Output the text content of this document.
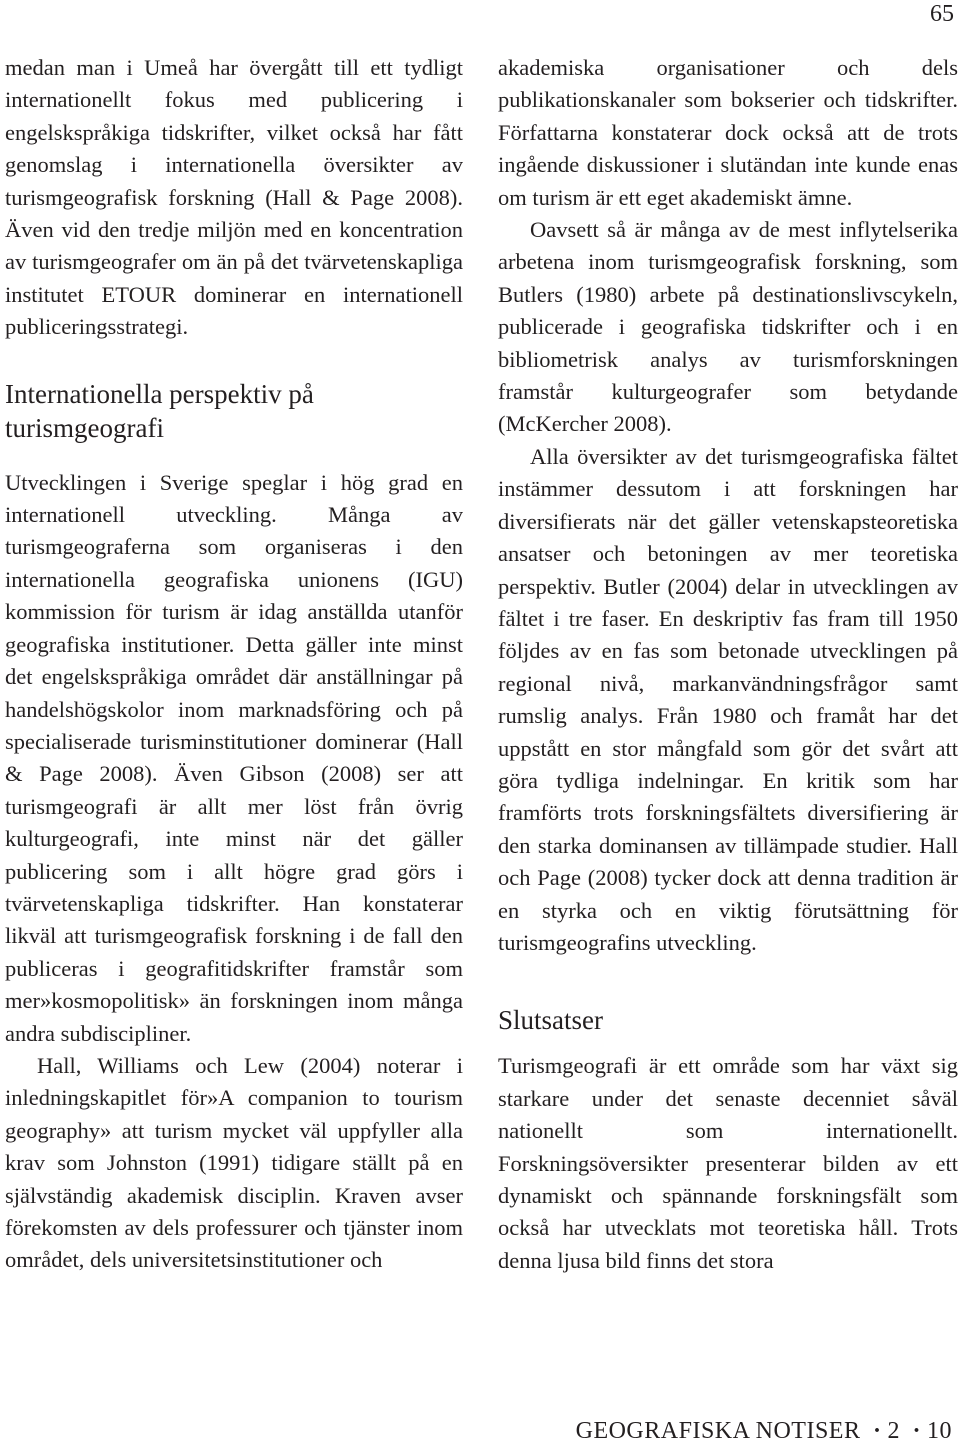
65

medan man i Umeå har övergått till ett tydligt internationellt fokus med publicering i engelskspråkiga tidskrifter, vilket också har fått genomslag i internationella översikter av turismgeografisk forskning (Hall & Page 2008). Även vid den tredje miljön med en koncentration av turismgeografer om än på det tvärvetenskapliga institutet ETOUR dominerar en internationell publiceringsstrategi.

Internationella perspektiv på turismgeografi

Utvecklingen i Sverige speglar i hög grad en internationell utveckling. Många av turismgeograferna som organiseras i den internationella geografiska unionens (IGU) kommission för turism är idag anställda utanför geografiska institutioner. Detta gäller inte minst det engelskspråkiga området där anställningar på handelshögskolor inom marknadsföring och på specialiserade turisminstitutioner dominerar (Hall & Page 2008). Även Gibson (2008) ser att turismgeografi är allt mer löst från övrig kulturgeografi, inte minst när det gäller publicering som i allt högre grad görs i tvärvetenskapliga tidskrifter. Han konstaterar likväl att turismgeografisk forskning i de fall den publiceras i geografitidskrifter framstår som mer»kosmopolitisk» än forskningen inom många andra subdiscipliner.

Hall, Williams och Lew (2004) noterar i inledningskapitlet för»A companion to tourism geography» att turism mycket väl uppfyller alla krav som Johnston (1991) tidigare ställt på en självständig akademisk disciplin. Kraven avser förekomsten av dels professurer och tjänster inom området, dels universitetsinstitutioner och

akademiska organisationer och dels publikationskanaler som bokserier och tidskrifter. Författarna konstaterar dock också att de trots ingående diskussioner i slutändan inte kunde enas om turism är ett eget akademiskt ämne.

Oavsett så är många av de mest inflytelserika arbetena inom turismgeografisk forskning, som Butlers (1980) arbete på destinationslivscykeln, publicerade i geografiska tidskrifter och i en bibliometrisk analys av turismforskningen framstår kulturgeografer som betydande (McKercher 2008).

Alla översikter av det turismgeografiska fältet instämmer dessutom i att forskningen har diversifierats när det gäller vetenskapsteoretiska ansatser och betoningen av mer teoretiska perspektiv. Butler (2004) delar in utvecklingen av fältet i tre faser. En deskriptiv fas fram till 1950 följdes av en fas som betonade utvecklingen på regional nivå, markanvändningsfrågor samt rumslig analys. Från 1980 och framåt har det uppstått en stor mångfald som gör det svårt att göra tydliga indelningar. En kritik som har framförts trots forskningsfältets diversifiering är den starka dominansen av tillämpade studier. Hall och Page (2008) tycker dock att denna tradition är en styrka och en viktig förutsättning för turismgeografins utveckling.

Slutsatser

Turismgeografi är ett område som har växt sig starkare under det senaste decenniet såväl nationellt som internationellt. Forskningsöversikter presenterar bilden av ett dynamiskt och spännande forskningsfält som också har utvecklats mot teoretiska håll. Trots denna ljusa bild finns det stora

GEOGRAFISKA NOTISER · 2 · 10
